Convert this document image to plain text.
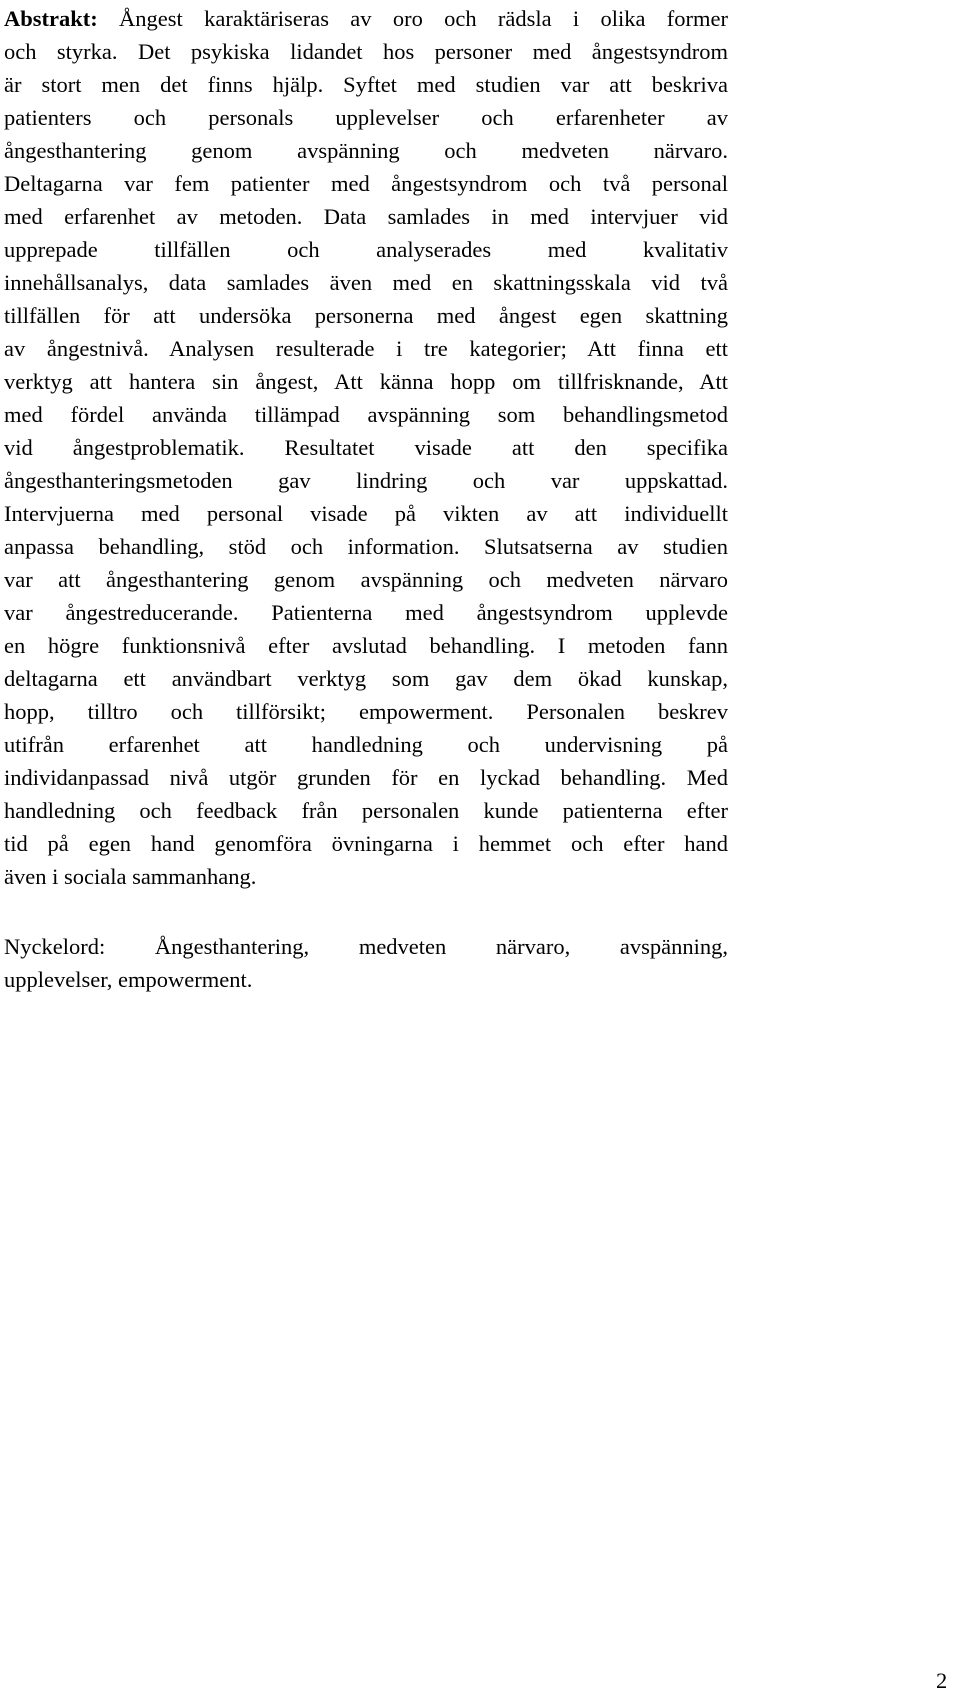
Abstrakt: Ångest karaktäriseras av oro och rädsla i olika former
och styrka. Det psykiska lidandet hos personer med ångestsyndrom
är stort men det finns hjälp. Syftet med studien var att beskriva
patienters och personals upplevelser och erfarenheter av
ångesthantering genom avspänning och medveten närvaro.
Deltagarna var fem patienter med ångestsyndrom och två personal
med erfarenhet av metoden. Data samlades in med intervjuer vid
upprepade tillfällen och analyserades med kvalitativ
innehållsanalys, data samlades även med en skattningsskala vid två
tillfällen för att undersöka personerna med ångest egen skattning
av ångestnivå. Analysen resulterade i tre kategorier; Att finna ett
verktyg att hantera sin ångest, Att känna hopp om tillfrisknande, Att
med fördel använda tillämpad avspänning som behandlingsmetod
vid ångestproblematik. Resultatet visade att den specifika
ångesthanteringsmetoden gav lindring och var uppskattad.
Intervjuerna med personal visade på vikten av att individuellt
anpassa behandling, stöd och information. Slutsatserna av studien
var att ångesthantering genom avspänning och medveten närvaro
var ångestreducerande. Patienterna med ångestsyndrom upplevde
en högre funktionsnivå efter avslutad behandling. I metoden fann
deltagarna ett användbart verktyg som gav dem ökad kunskap,
hopp, tilltro och tillförsikt; empowerment. Personalen beskrev
utifrån erfarenhet att handledning och undervisning på
individanpassad nivå utgör grunden för en lyckad behandling. Med
handledning och feedback från personalen kunde patienterna efter
tid på egen hand genomföra övningarna i hemmet och efter hand
även i sociala sammanhang.
Nyckelord: Ångesthantering, medveten närvaro, avspänning,
upplevelser, empowerment.
2
